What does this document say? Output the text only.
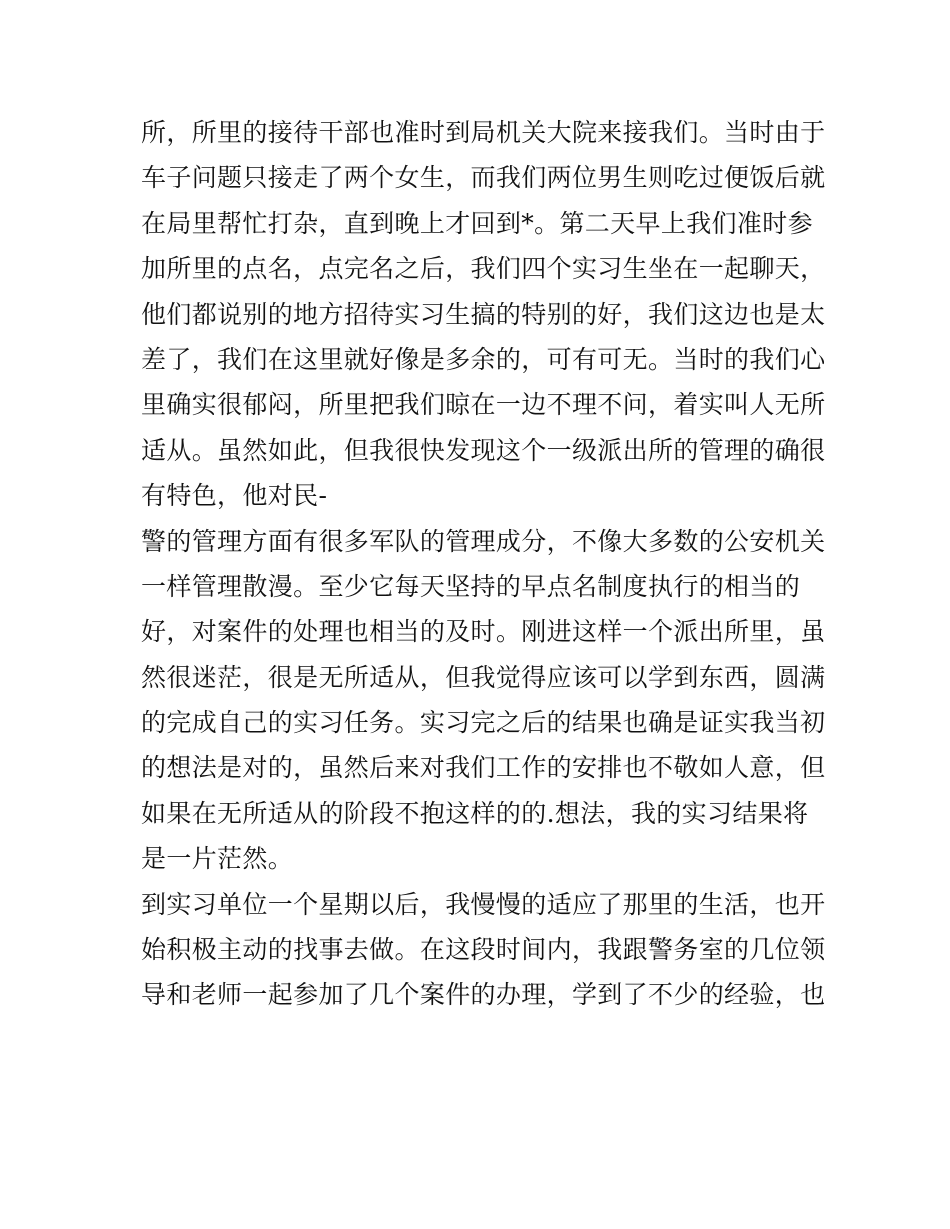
所，所里的接待干部也准时到局机关大院来接我们。当时由于
车子问题只接走了两个女生，而我们两位男生则吃过便饭后就
在局里帮忙打杂，直到晚上才回到*。第二天早上我们准时参
加所里的点名，点完名之后，我们四个实习生坐在一起聊天，
他们都说别的地方招待实习生搞的特别的好，我们这边也是太
差了，我们在这里就好像是多余的，可有可无。当时的我们心
里确实很郁闷，所里把我们晾在一边不理不问，着实叫人无所
适从。虽然如此，但我很快发现这个一级派出所的管理的确很
有特色，他对民-
警的管理方面有很多军队的管理成分，不像大多数的公安机关
一样管理散漫。至少它每天坚持的早点名制度执行的相当的
好，对案件的处理也相当的及时。刚进这样一个派出所里，虽
然很迷茫，很是无所适从，但我觉得应该可以学到东西，圆满
的完成自己的实习任务。实习完之后的结果也确是证实我当初
的想法是对的，虽然后来对我们工作的安排也不敬如人意，但
如果在无所适从的阶段不抱这样的的.想法，我的实习结果将
是一片茫然。
到实习单位一个星期以后，我慢慢的适应了那里的生活，也开
始积极主动的找事去做。在这段时间内，我跟警务室的几位领
导和老师一起参加了几个案件的办理，学到了不少的经验，也
